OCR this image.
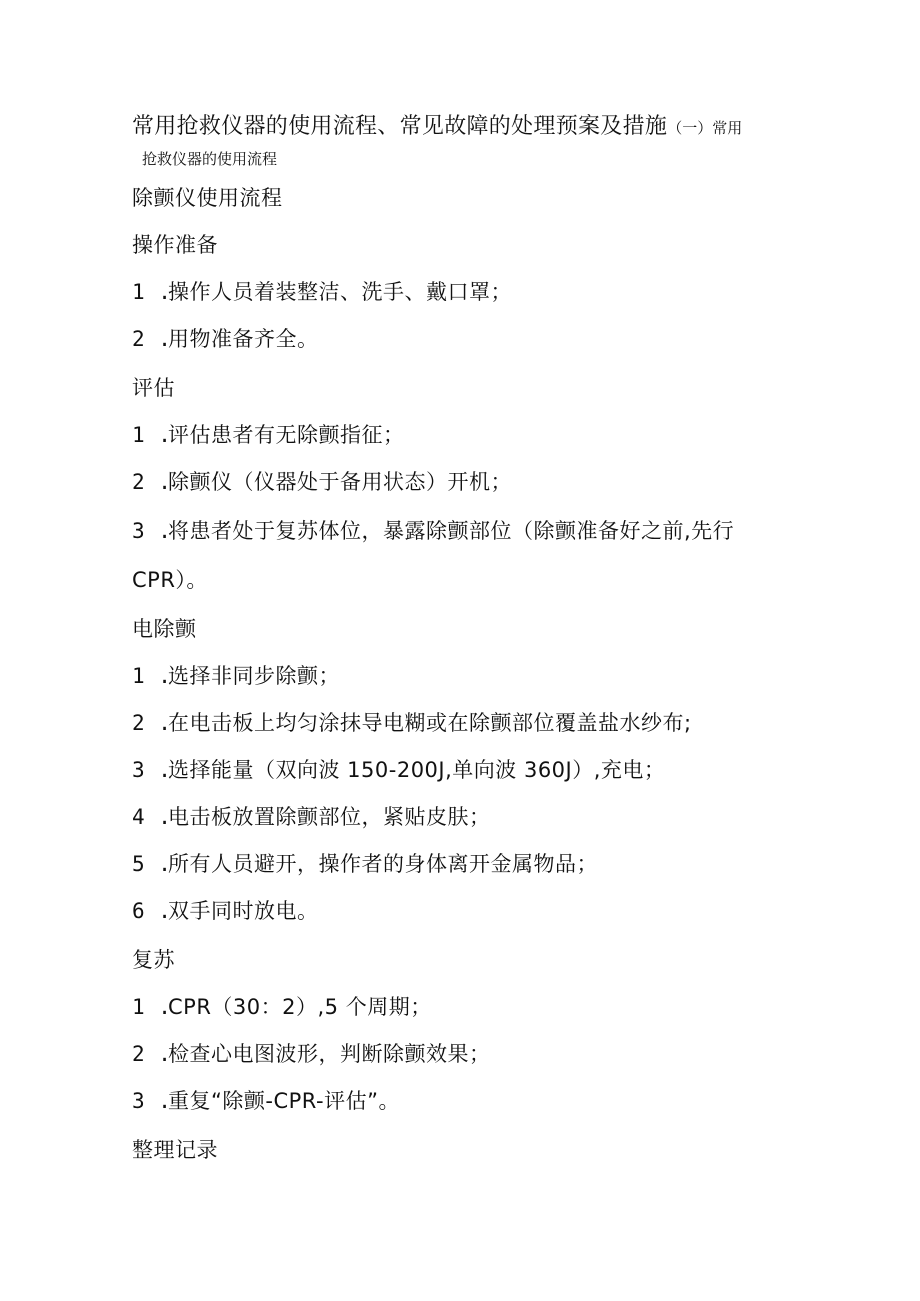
常用抢救仪器的使用流程、常见故障的处理预案及措施（一）常用
抢救仪器的使用流程
除颤仪使用流程
操作准备
1 .操作人员着装整洁、洗手、戴口罩；
2 .用物准备齐全。
评估
1 .评估患者有无除颤指征；
2 .除颤仪（仪器处于备用状态）开机；
3 .将患者处于复苏体位，暴露除颤部位（除颤准备好之前,先行
CPR）。
电除颤
1 .选择非同步除颤；
2 .在电击板上均匀涂抹导电糊或在除颤部位覆盖盐水纱布;
3 .选择能量（双向波 150-200J,单向波 360J）,充电；
4 .电击板放置除颤部位，紧贴皮肤；
5 .所有人员避开，操作者的身体离开金属物品；
6 .双手同时放电。
复苏
1 .CPR（30：2）,5 个周期；
2 .检查心电图波形，判断除颤效果；
3 .重复“除颤-CPR-评估”。
整理记录
